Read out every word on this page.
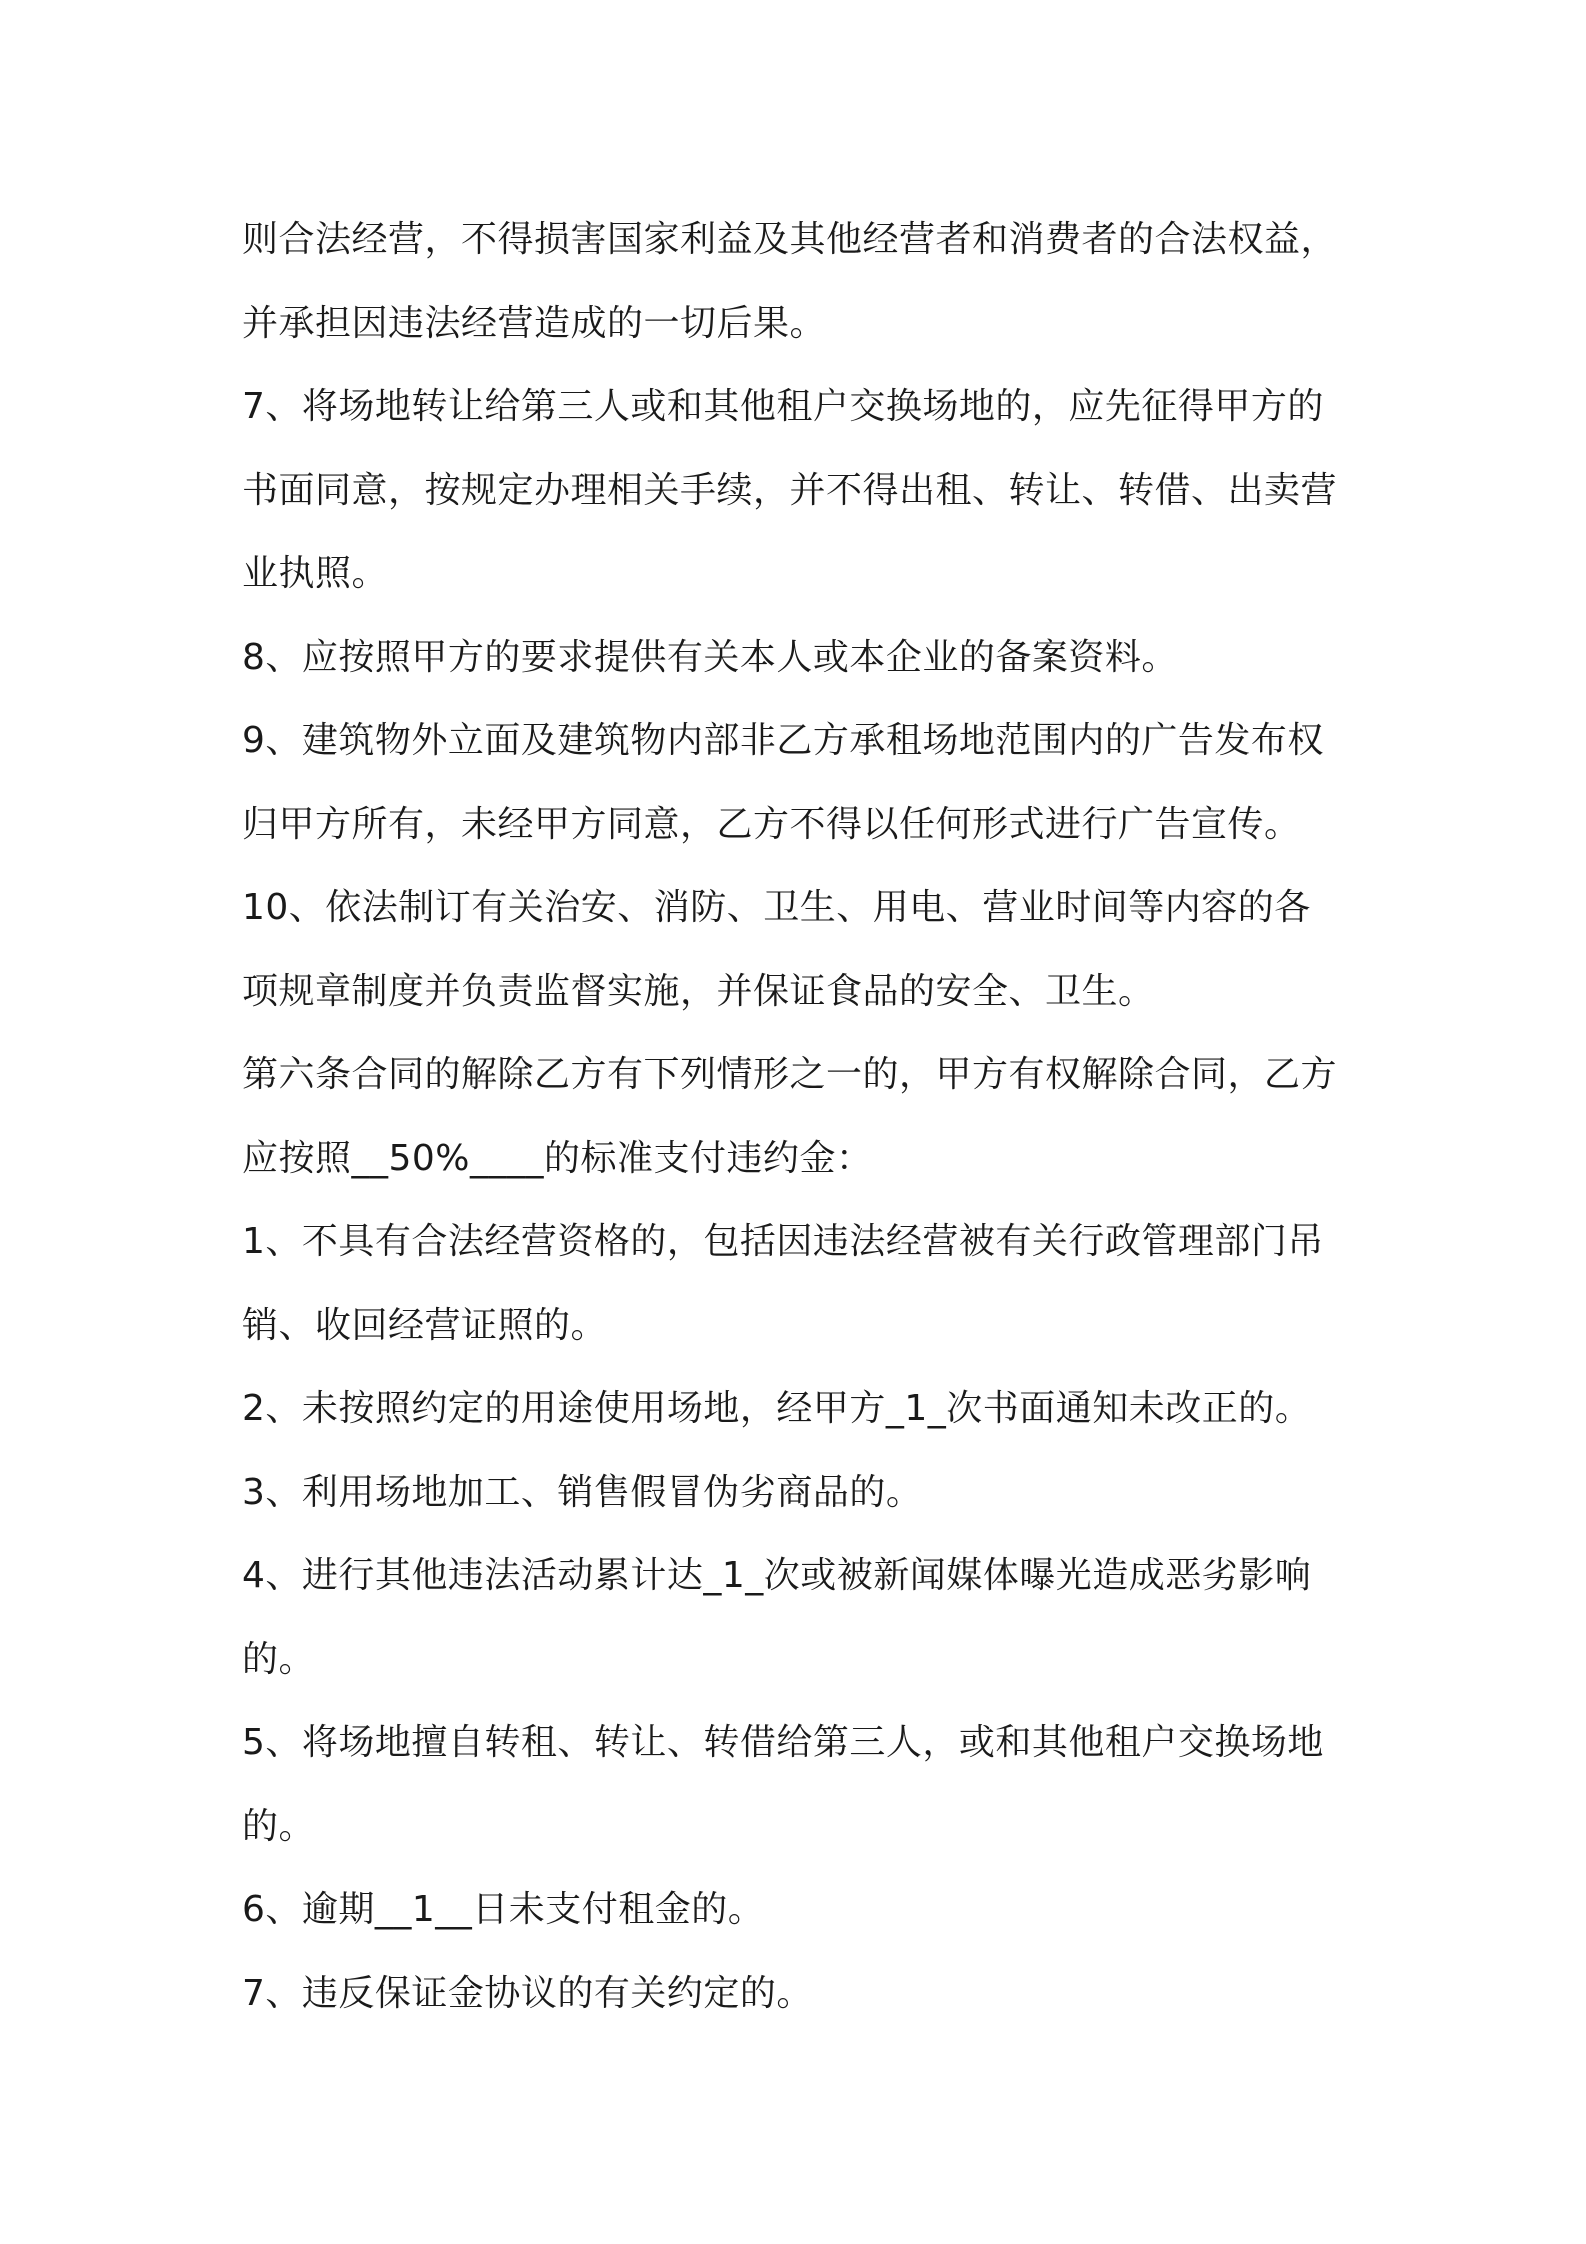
则合法经营，不得损害国家利益及其他经营者和消费者的合法权益，
并承担因违法经营造成的一切后果。
7、将场地转让给第三人或和其他租户交换场地的，应先征得甲方的
书面同意，按规定办理相关手续，并不得出租、转让、转借、出卖营
业执照。
8、应按照甲方的要求提供有关本人或本企业的备案资料。
9、建筑物外立面及建筑物内部非乙方承租场地范围内的广告发布权
归甲方所有，未经甲方同意，乙方不得以任何形式进行广告宣传。
10、依法制订有关治安、消防、卫生、用电、营业时间等内容的各
项规章制度并负责监督实施，并保证食品的安全、卫生。
第六条合同的解除乙方有下列情形之一的，甲方有权解除合同，乙方
应按照__50%____的标准支付违约金：
1、不具有合法经营资格的，包括因违法经营被有关行政管理部门吊
销、收回经营证照的。
2、未按照约定的用途使用场地，经甲方_1_次书面通知未改正的。
3、利用场地加工、销售假冒伪劣商品的。
4、进行其他违法活动累计达_1_次或被新闻媒体曝光造成恶劣影响
的。
5、将场地擅自转租、转让、转借给第三人，或和其他租户交换场地
的。
6、逾期__1__日未支付租金的。
7、违反保证金协议的有关约定的。
